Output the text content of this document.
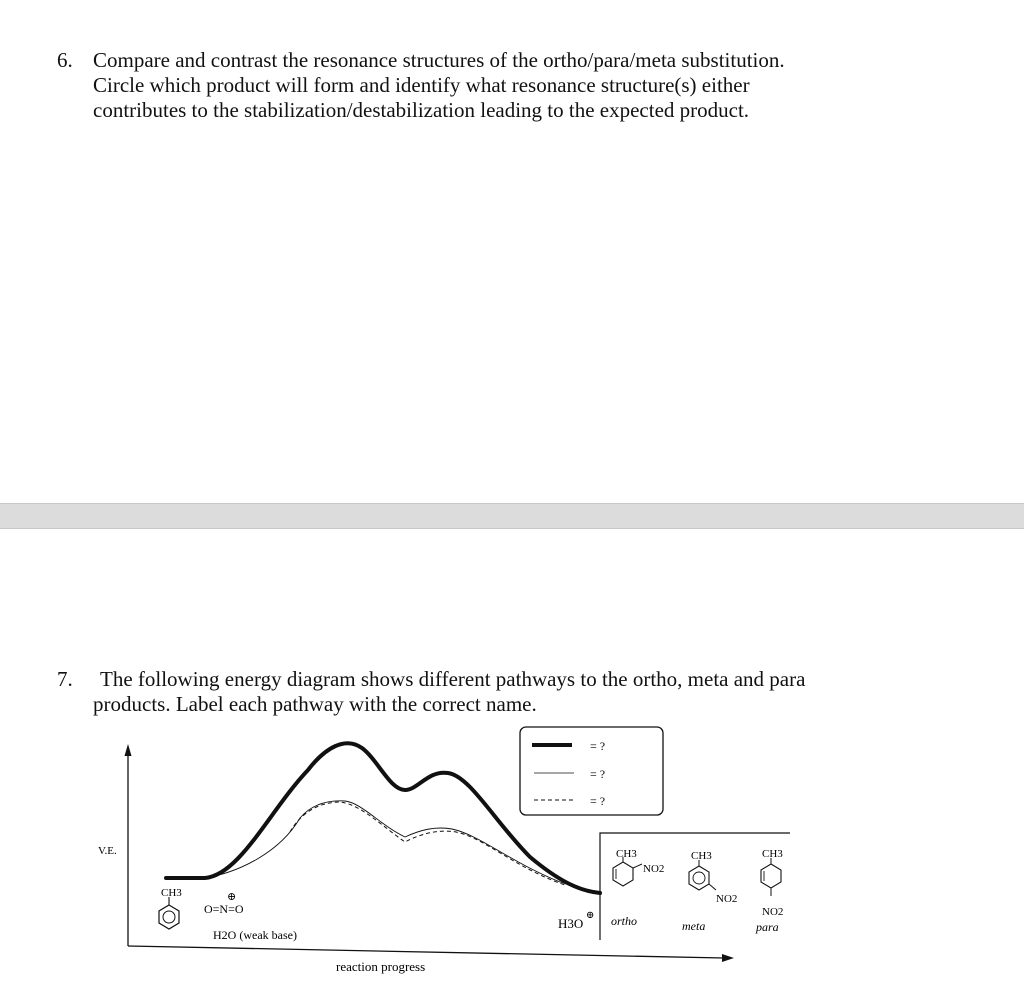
6. Compare and contrast the resonance structures of the ortho/para/meta substitution.
Circle which product will form and identify what resonance structure(s) either
contributes to the stabilization/destabilization leading to the expected product.
7. The following energy diagram shows different pathways to the ortho, meta and para
products. Label each pathway with the correct name.
V.E.
reaction progress
= ?
= ?
= ?
CH3	⊕
O=N=O
H2O (weak base)
H3O
⊕
CH3
NO2
ortho
CH3
NO2
meta
CH3
NO2
para
